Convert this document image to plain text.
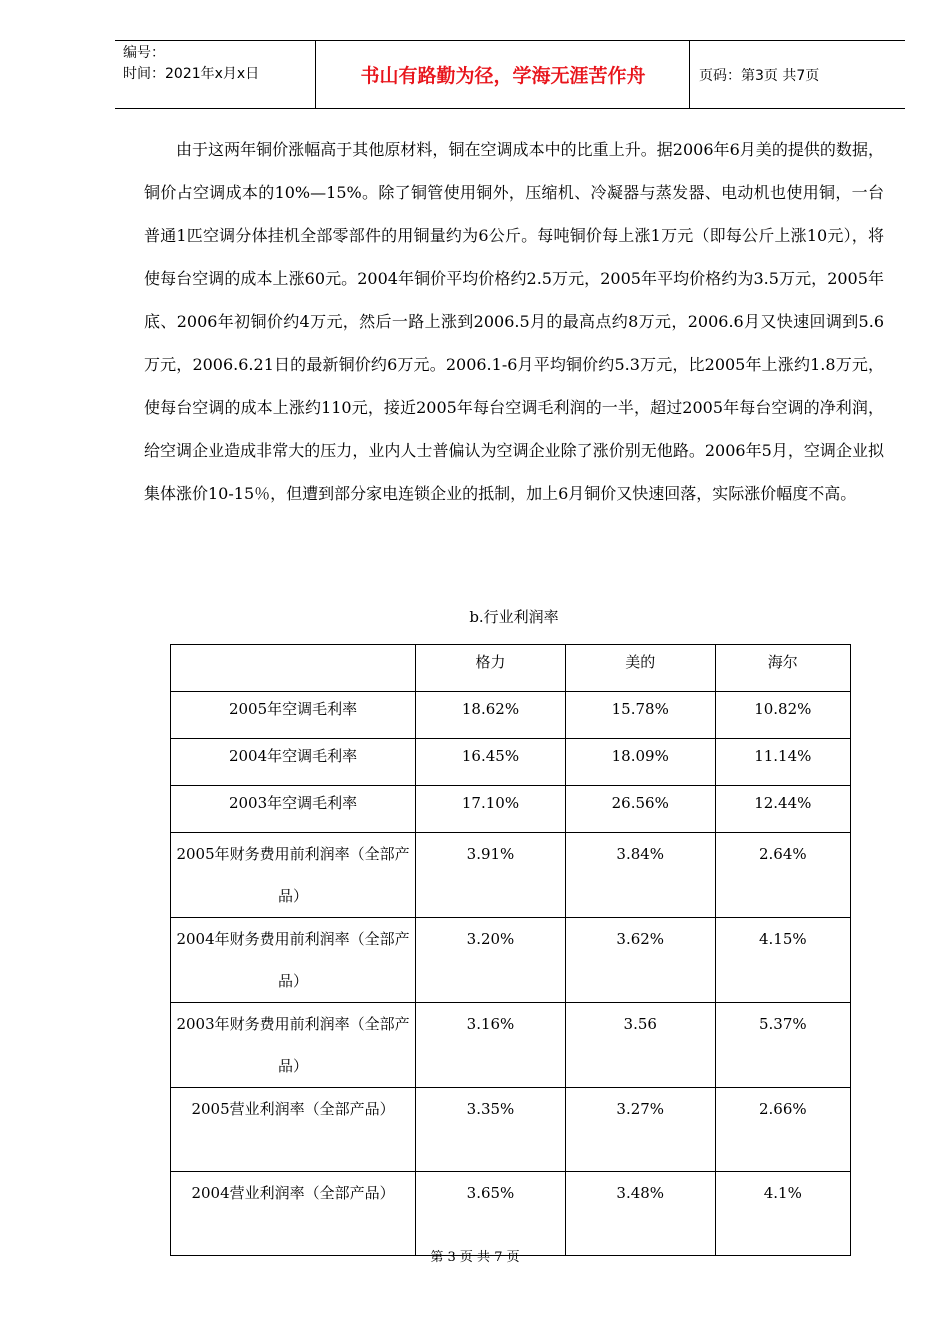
编号：
时间：2021年x月x日	书山有路勤为径，学海无涯苦作舟	页码：第3页 共7页

由于这两年铜价涨幅高于其他原材料，铜在空调成本中的比重上升。据2006年6月美的提供的数据，铜价占空调成本的10%—15%。除了铜管使用铜外，压缩机、冷凝器与蒸发器、电动机也使用铜，一台普通1匹空调分体挂机全部零部件的用铜量约为6公斤。每吨铜价每上涨1万元（即每公斤上涨10元），将使每台空调的成本上涨60元。2004年铜价平均价格约2.5万元，2005年平均价格约为3.5万元，2005年底、2006年初铜价约4万元，然后一路上涨到2006.5月的最高点约8万元，2006.6月又快速回调到5.6万元，2006.6.21日的最新铜价约6万元。2006.1-6月平均铜价约5.3万元，比2005年上涨约1.8万元，使每台空调的成本上涨约110元，接近2005年每台空调毛利润的一半，超过2005年每台空调的净利润，给空调企业造成非常大的压力，业内人士普偏认为空调企业除了涨价别无他路。2006年5月，空调企业拟集体涨价10-15％，但遭到部分家电连锁企业的抵制，加上6月铜价又快速回落，实际涨价幅度不高。

b.行业利润率
	格力	美的	海尔
2005年空调毛利率	18.62%	15.78%	10.82%
2004年空调毛利率	16.45%	18.09%	11.14%
2003年空调毛利率	17.10%	26.56%	12.44%
2005年财务费用前利润率（全部产品）	3.91%	3.84%	2.64%
2004年财务费用前利润率（全部产品）	3.20%	3.62%	4.15%
2003年财务费用前利润率（全部产品）	3.16%	3.56	5.37%
2005营业利润率（全部产品）	3.35%	3.27%	2.66%
2004营业利润率（全部产品）	3.65%	3.48%	4.1%
第 3 页 共 7 页
